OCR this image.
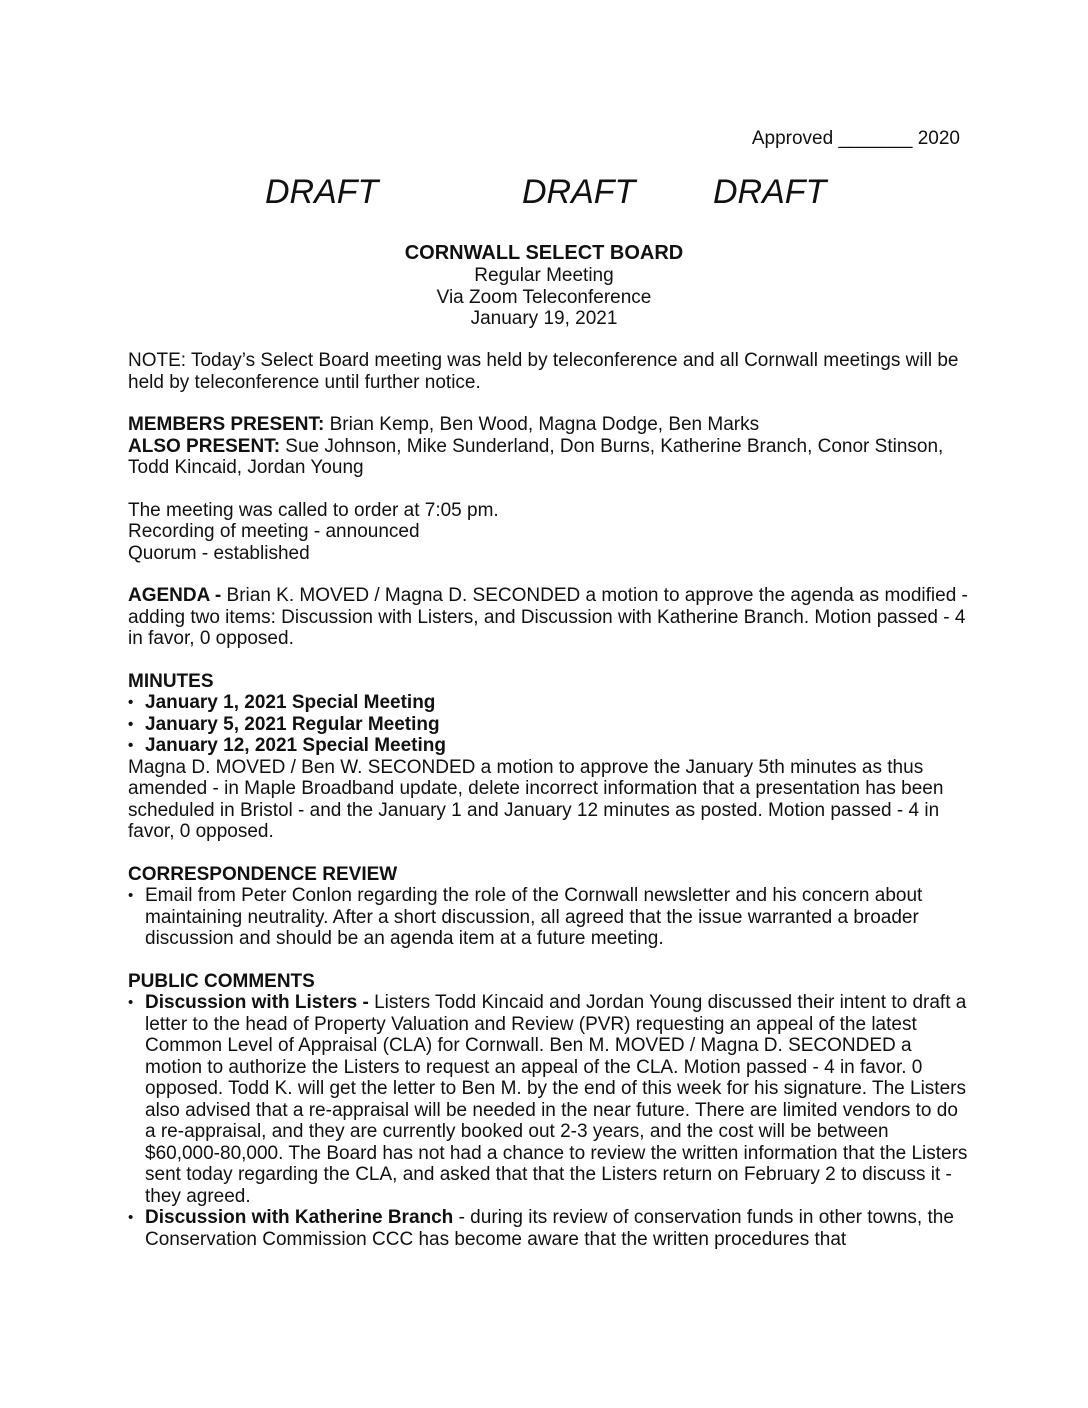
Approved _______ 2020
DRAFT	DRAFT DRAFT
CORNWALL SELECT BOARD
Regular Meeting
Via Zoom Teleconference
January 19, 2021

NOTE: Today’s Select Board meeting was held by teleconference and all Cornwall meetings will be held by teleconference until further notice.

MEMBERS PRESENT: Brian Kemp, Ben Wood, Magna Dodge, Ben Marks

ALSO PRESENT: Sue Johnson, Mike Sunderland, Don Burns, Katherine Branch, Conor Stinson, Todd Kincaid, Jordan Young

The meeting was called to order at 7:05 pm.

Recording of meeting - announced

Quorum - established

AGENDA - Brian K. MOVED / Magna D. SECONDED a motion to approve the agenda as modified - adding two items: Discussion with Listers, and Discussion with Katherine Branch. Motion passed - 4 in favor, 0 opposed.

MINUTES

• January 1, 2021 Special Meeting
• January 5, 2021 Regular Meeting
• January 12, 2021 Special Meeting

Magna D. MOVED / Ben W. SECONDED a motion to approve the January 5th minutes as thus amended - in Maple Broadband update, delete incorrect information that a presentation has been scheduled in Bristol - and the January 1 and January 12 minutes as posted. Motion passed - 4 in favor, 0 opposed.

CORRESPONDENCE REVIEW

• Email from Peter Conlon regarding the role of the Cornwall newsletter and his concern about maintaining neutrality. After a short discussion, all agreed that the issue warranted a broader discussion and should be an agenda item at a future meeting.

PUBLIC COMMENTS

• Discussion with Listers - Listers Todd Kincaid and Jordan Young discussed their intent to draft a letter to the head of Property Valuation and Review (PVR) requesting an appeal of the latest Common Level of Appraisal (CLA) for Cornwall. Ben M. MOVED / Magna D. SECONDED a motion to authorize the Listers to request an appeal of the CLA. Motion passed - 4 in favor. 0 opposed. Todd K. will get the letter to Ben M. by the end of this week for his signature. The Listers also advised that a re-appraisal will be needed in the near future. There are limited vendors to do a re-appraisal, and they are currently booked out 2-3 years, and the cost will be between $60,000-80,000. The Board has not had a chance to review the written information that the Listers sent today regarding the CLA, and asked that that the Listers return on February 2 to discuss it - they agreed.
• Discussion with Katherine Branch - during its review of conservation funds in other towns, the Conservation Commission CCC has become aware that the written procedures that
